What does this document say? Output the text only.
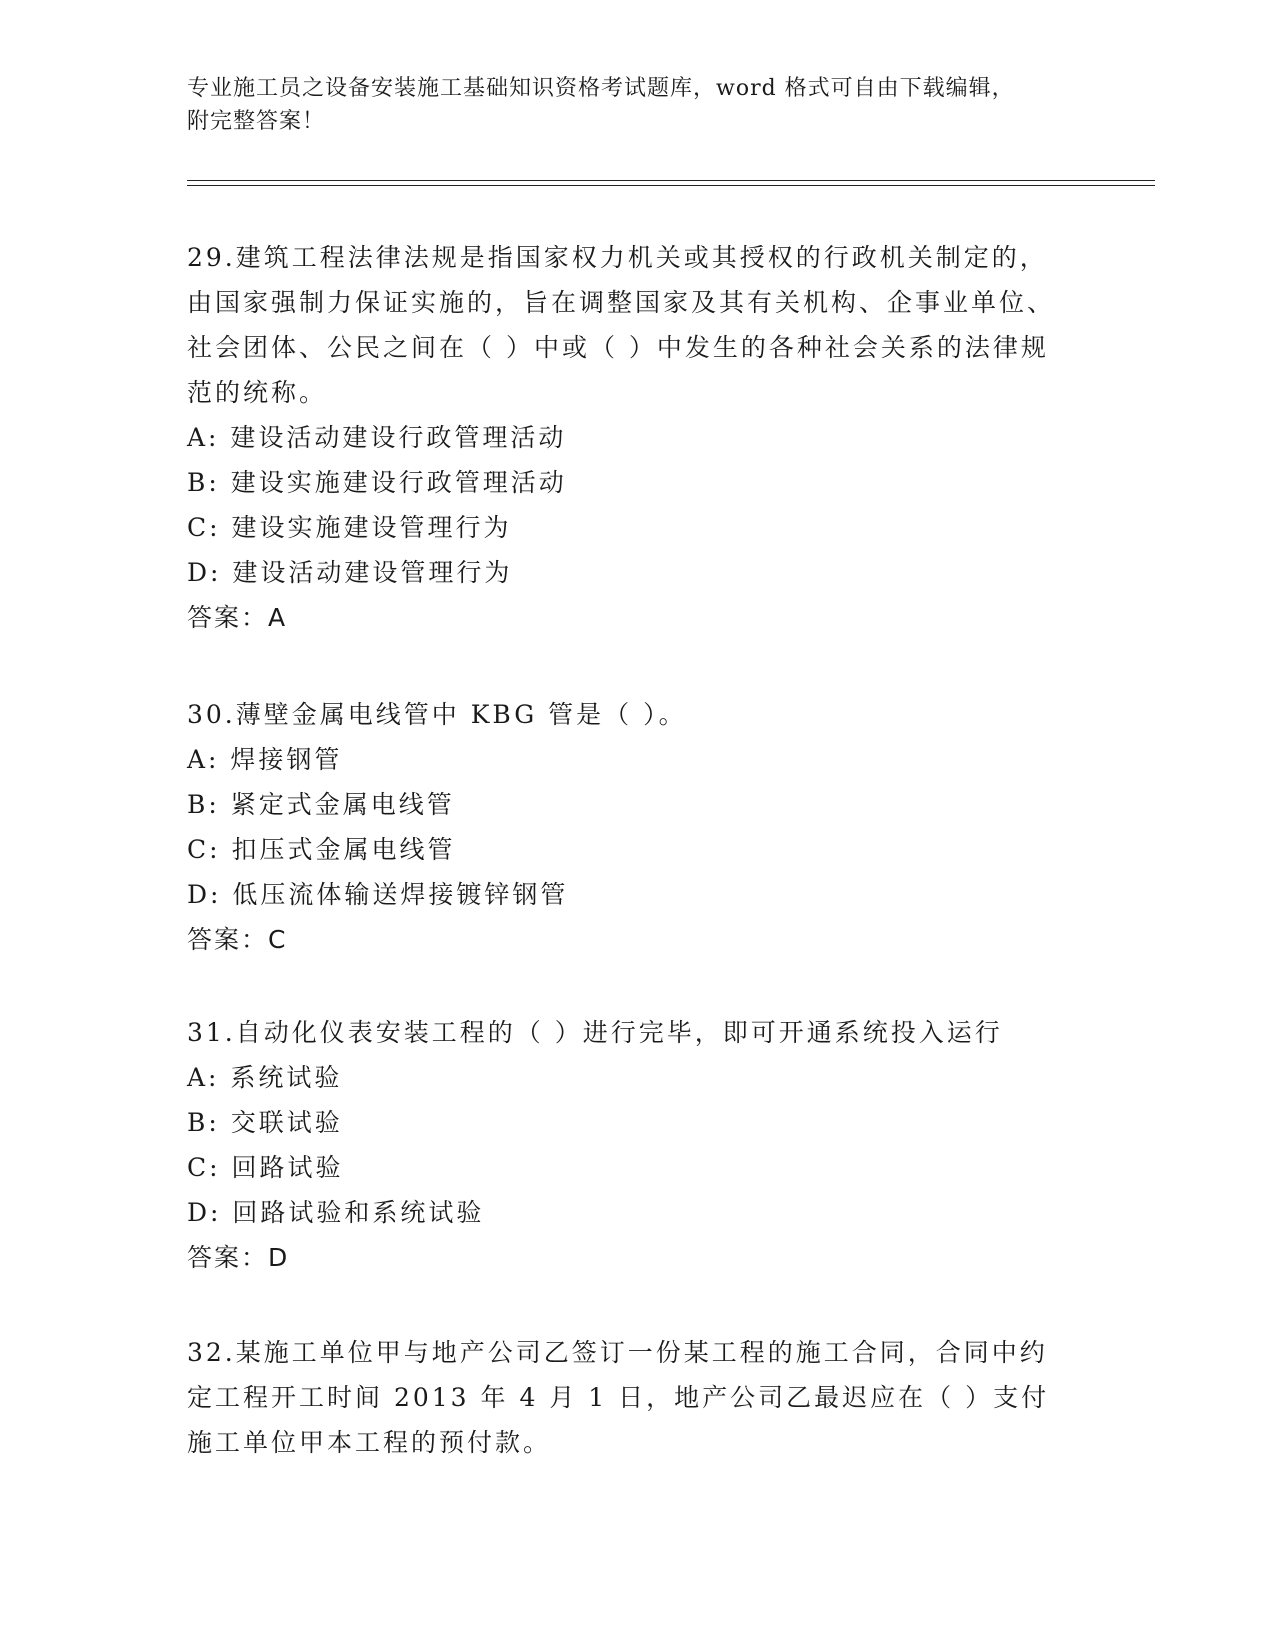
专业施工员之设备安装施工基础知识资格考试题库，word 格式可自由下载编辑，
附完整答案！

29.建筑工程法律法规是指国家权力机关或其授权的行政机关制定的，由国家强制力保证实施的，旨在调整国家及其有关机构、企事业单位、社会团体、公民之间在（ ）中或（ ）中发生的各种社会关系的法律规范的统称。

A: 建设活动建设行政管理活动

B: 建设实施建设行政管理活动

C: 建设实施建设管理行为

D: 建设活动建设管理行为

答案：A

30.薄壁金属电线管中 KBG 管是（ ）。

A: 焊接钢管

B: 紧定式金属电线管

C: 扣压式金属电线管

D: 低压流体输送焊接镀锌钢管

答案：C

31.自动化仪表安装工程的（ ）进行完毕，即可开通系统投入运行

A: 系统试验

B: 交联试验

C: 回路试验

D: 回路试验和系统试验

答案：D

32.某施工单位甲与地产公司乙签订一份某工程的施工合同，合同中约定工程开工时间 2013 年 4 月 1 日，地产公司乙最迟应在（ ）支付施工单位甲本工程的预付款。
